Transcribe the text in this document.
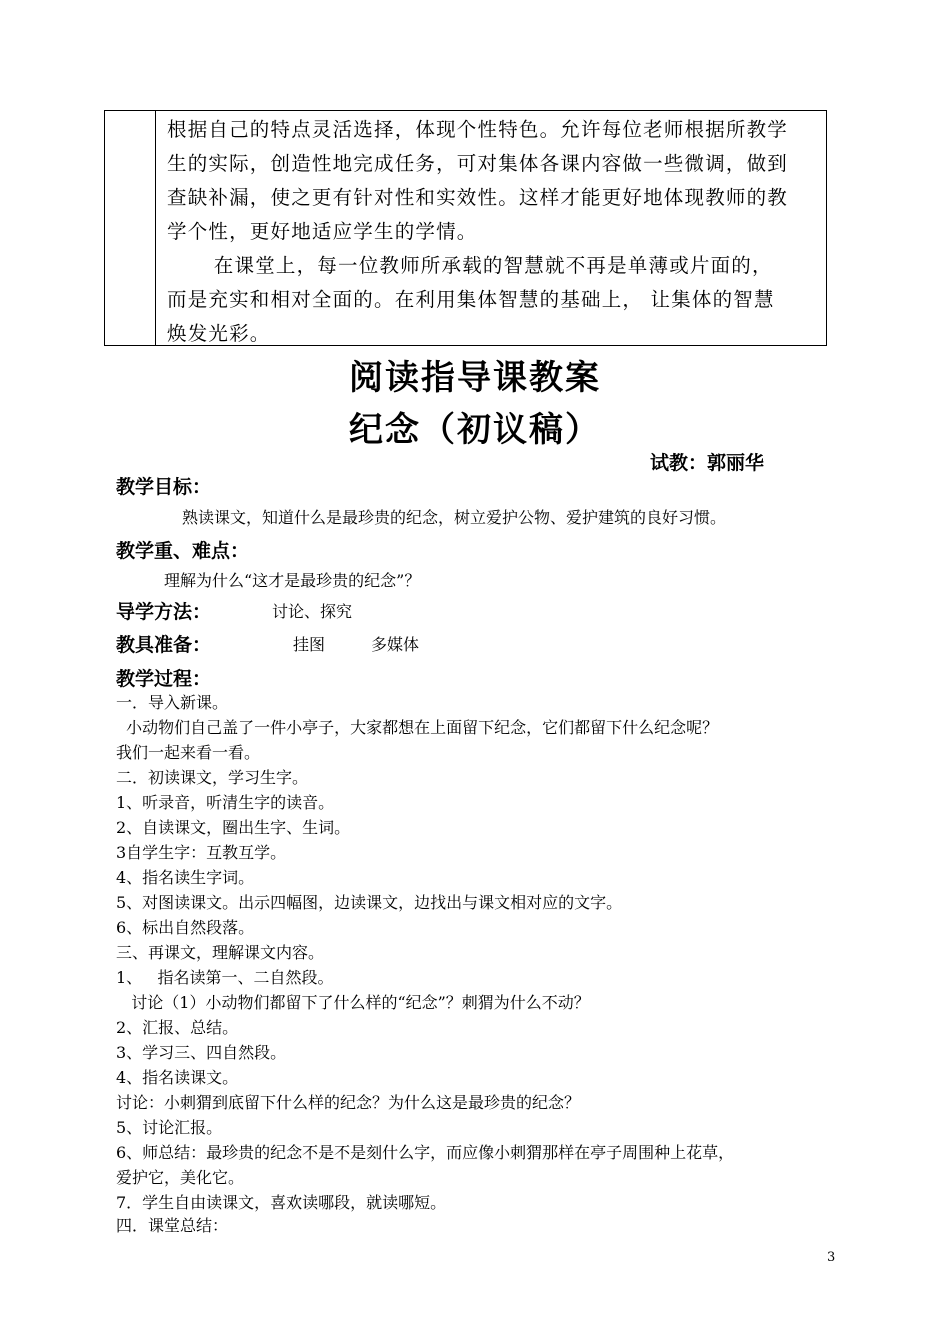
根据自己的特点灵活选择，体现个性特色。允许每位老师根据所教学
生的实际，创造性地完成任务，可对集体各课内容做一些微调，做到
查缺补漏，使之更有针对性和实效性。这样才能更好地体现教师的教
学个性，更好地适应学生的学情。

在课堂上，每一位教师所承载的智慧就不再是单薄或片面的，
而是充实和相对全面的。在利用集体智慧的基础上， 让集体的智慧
焕发光彩。

阅读指导课教案
纪念（初议稿）
试教：郭丽华
教学目标：
熟读课文，知道什么是最珍贵的纪念，树立爱护公物、爱护建筑的良好习惯。
教学重、难点：
理解为什么“这才是最珍贵的纪念”？
导学方法：	讨论、探究
教具准备：	挂图	多媒体
教学过程：
一．导入新课。
小动物们自己盖了一件小亭子，大家都想在上面留下纪念，它们都留下什么纪念呢？
我们一起来看一看。
二．初读课文，学习生字。
1、听录音，听清生字的读音。
2、自读课文，圈出生字、生词。
3自学生字：互教互学。
4、指名读生字词。
5、对图读课文。出示四幅图，边读课文，边找出与课文相对应的文字。
6、标出自然段落。
三、再课文，理解课文内容。
1、   指名读第一、二自然段。
讨论（1）小动物们都留下了什么样的“纪念”？刺猬为什么不动？
2、汇报、总结。
3、学习三、四自然段。
4、指名读课文。
讨论：小刺猬到底留下什么样的纪念？为什么这是最珍贵的纪念？
5、讨论汇报。
6、师总结：最珍贵的纪念不是不是刻什么字，而应像小刺猬那样在亭子周围种上花草，
爱护它，美化它。
7．学生自由读课文，喜欢读哪段，就读哪短。
四．课堂总结：
3
